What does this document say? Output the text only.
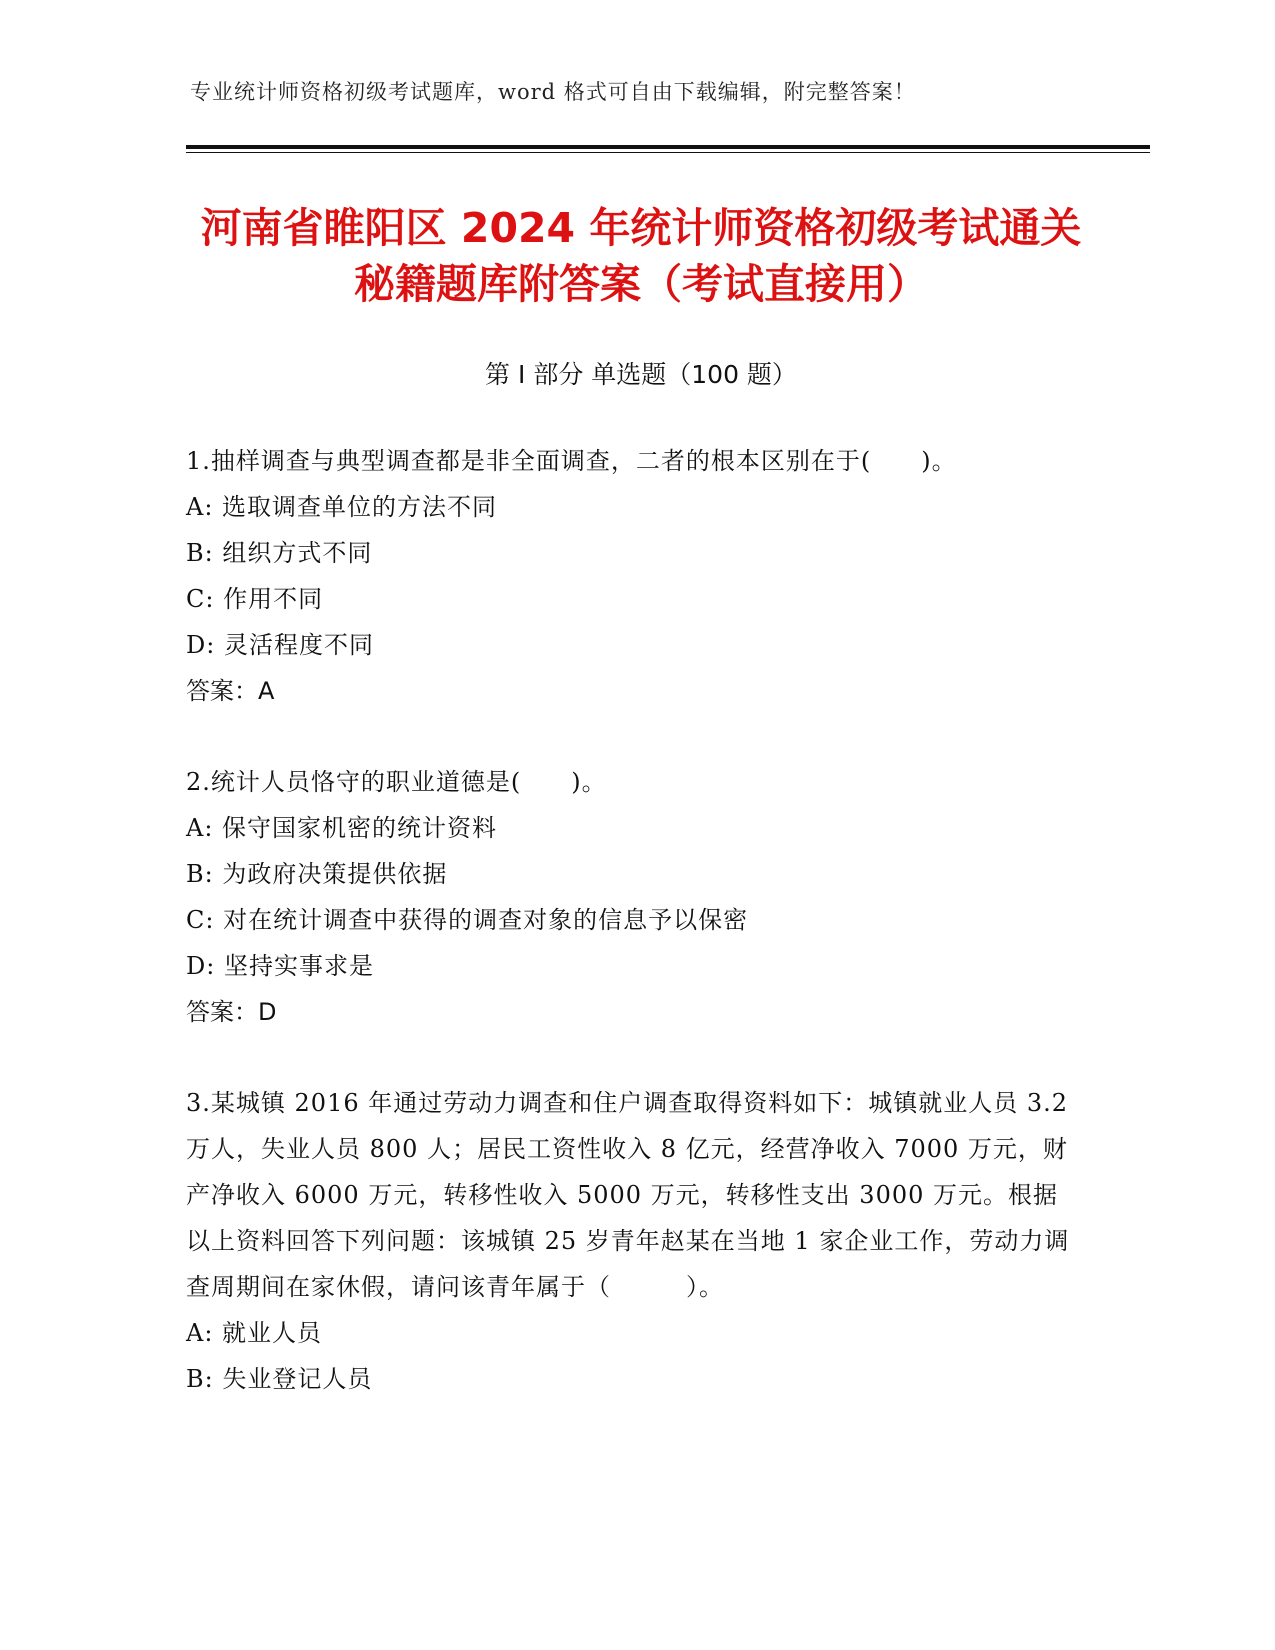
专业统计师资格初级考试题库，word 格式可自由下载编辑，附完整答案！
河南省睢阳区 2024 年统计师资格初级考试通关秘籍题库附答案（考试直接用）
第 I 部分 单选题（100 题）

1.抽样调查与典型调查都是非全面调查，二者的根本区别在于(　　)。

A: 选取调查单位的方法不同

B: 组织方式不同

C: 作用不同

D: 灵活程度不同

答案：A

2.统计人员恪守的职业道德是(　　)。

A: 保守国家机密的统计资料

B: 为政府决策提供依据

C: 对在统计调查中获得的调查对象的信息予以保密

D: 坚持实事求是

答案：D

3.某城镇 2016 年通过劳动力调查和住户调查取得资料如下：城镇就业人员 3.2 万人，失业人员 800 人；居民工资性收入 8 亿元，经营净收入 7000 万元，财产净收入 6000 万元，转移性收入 5000 万元，转移性支出 3000 万元。根据以上资料回答下列问题：该城镇 25 岁青年赵某在当地 1 家企业工作，劳动力调查周期间在家休假，请问该青年属于（　　　）。

A: 就业人员

B: 失业登记人员
